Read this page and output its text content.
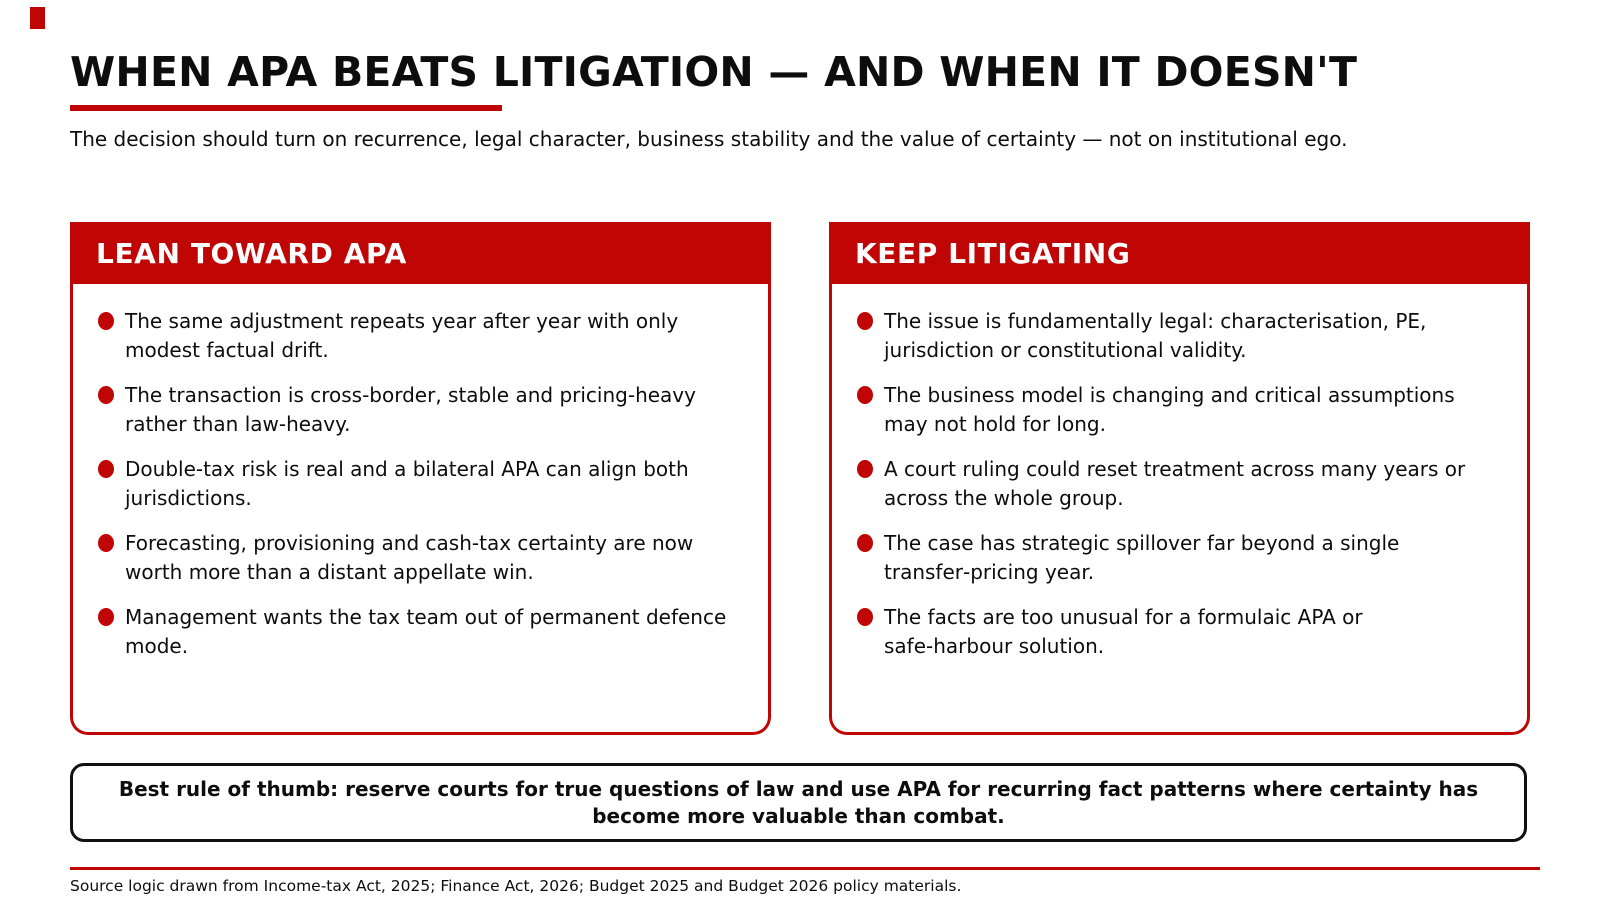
WHEN APA BEATS LITIGATION — AND WHEN IT DOESN'T

The decision should turn on recurrence, legal character, business stability and the value of certainty — not on institutional ego.

LEAN TOWARD APA
The same adjustment repeats year after year with only modest factual drift.
The transaction is cross-border, stable and pricing-heavy rather than law-heavy.
Double-tax risk is real and a bilateral APA can align both jurisdictions.
Forecasting, provisioning and cash-tax certainty are now worth more than a distant appellate win.
Management wants the tax team out of permanent defence mode.
KEEP LITIGATING
The issue is fundamentally legal: characterisation, PE, jurisdiction or constitutional validity.
The business model is changing and critical assumptions may not hold for long.
A court ruling could reset treatment across many years or across the whole group.
The case has strategic spillover far beyond a single transfer‑pricing year.
The facts are too unusual for a formulaic APA or safe‑harbour solution.

Best rule of thumb: reserve courts for true questions of law and use APA for recurring fact patterns where certainty has become more valuable than combat.

Source logic drawn from Income-tax Act, 2025; Finance Act, 2026; Budget 2025 and Budget 2026 policy materials.
